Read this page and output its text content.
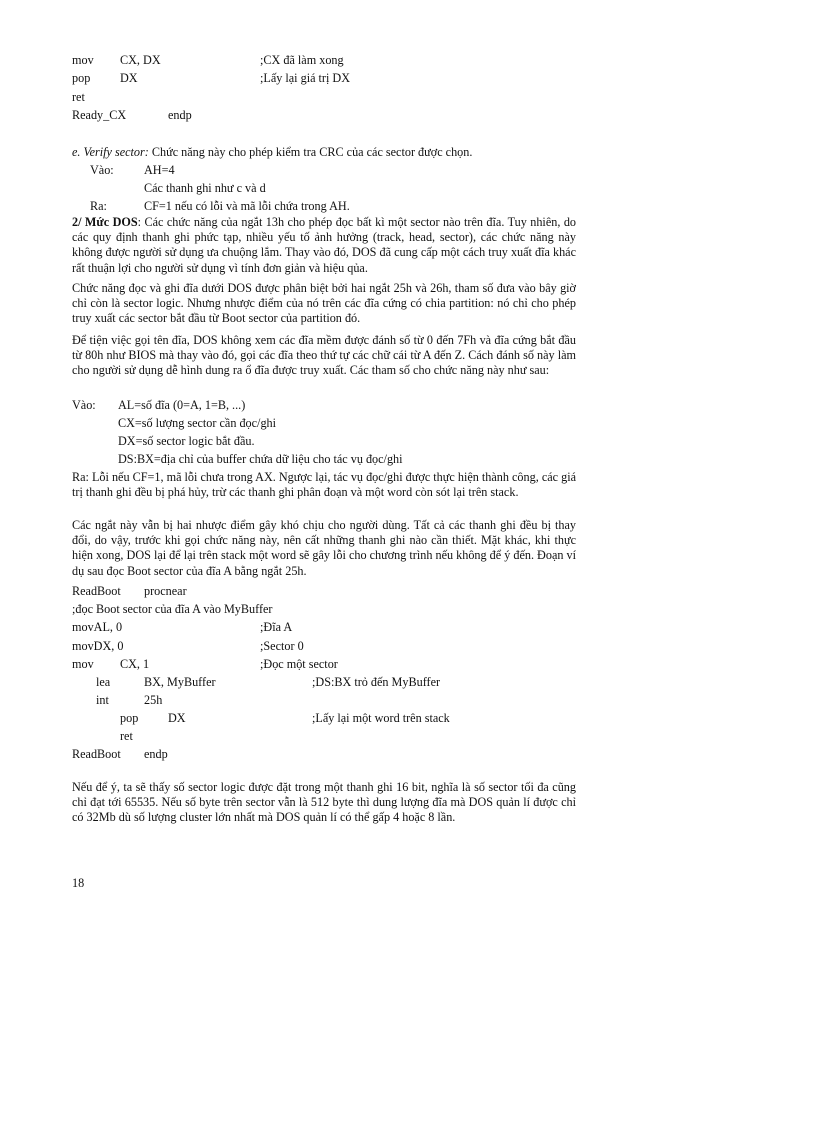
mov CX, DX	;CX đã làm xong
pop DX	;Lấy lại giá trị DX
ret
Ready_CX	endp
e. Verify sector: Chức năng này cho phép kiểm tra CRC của các sector được chọn.
Vào: AH=4
Các thanh ghi như c và d
Ra:	CF=1 nếu có lỗi và mã lỗi chứa trong AH.
2/ Mức DOS: Các chức năng của ngắt 13h cho phép đọc bất kì một sector nào trên đĩa. Tuy nhiên, do các quy định thanh ghi phức tạp, nhiều yếu tố ảnh hưởng (track, head, sector), các chức năng này không được người sử dụng ưa chuộng lắm. Thay vào đó, DOS đã cung cấp một cách truy xuất đĩa khác rất thuận lợi cho người sử dụng vì tính đơn giản và hiệu qủa.
Chức năng đọc và ghi đĩa dưới DOS được phân biệt bởi hai ngắt 25h và 26h, tham số đưa vào bây giờ chỉ còn là sector logic. Nhưng nhược điểm của nó trên các đĩa cứng có chia partition: nó chỉ cho phép truy xuất các sector bắt đầu từ Boot sector của partition đó.
Để tiện việc gọi tên đĩa, DOS không xem các đĩa mềm được đánh số từ 0 đến 7Fh và đĩa cứng bắt đầu từ 80h như BIOS mà thay vào đó, gọi các đĩa theo thứ tự các chữ cái từ A đến Z. Cách đánh số này làm cho người sử dụng dễ hình dung ra ổ đĩa được truy xuất. Các tham số cho chức năng này như sau:
Vào: AL=số đĩa (0=A, 1=B, ...)
CX=số lượng sector cần đọc/ghi
DX=số sector logic bắt đầu.
DS:BX=địa chỉ của buffer chứa dữ liệu cho tác vụ đọc/ghi
Ra: Lỗi nếu CF=1, mã lỗi chưa trong AX. Ngược lại, tác vụ đọc/ghi được thực hiện thành công, các giá trị thanh ghi đều bị phá hủy, trừ các thanh ghi phân đoạn và một word còn sót lại trên stack.
Các ngắt này vẫn bị hai nhược điểm gây khó chịu cho người dùng. Tất cả các thanh ghi đều bị thay đổi, do vậy, trước khi gọi chức năng này, nên cất những thanh ghi nào cần thiết. Mặt khác, khi thực hiện xong, DOS lại để lại trên stack một word sẽ gây lỗi cho chương trình nếu không để ý đến. Đoạn ví dụ sau đọc Boot sector của đĩa A bằng ngắt 25h.
ReadBoot procnear
;đọc Boot sector của đĩa A vào MyBuffer
movAL, 0	;Đĩa A
movDX, 0	;Sector 0
mov CX, 1	;Đọc một sector
lea	BX, MyBuffer	;DS:BX trỏ đến MyBuffer
int	25h
pop DX	;Lấy lại một word trên stack
ret
ReadBoot endp
Nếu để ý, ta sẽ thấy số sector logic được đặt trong một thanh ghi 16 bit, nghĩa là số sector tối đa cũng chỉ đạt tới 65535. Nếu số byte trên sector vẫn là 512 byte thì dung lượng đĩa mà DOS quản lí được chỉ có 32Mb dù số lượng cluster lớn nhất mà DOS quản lí có thể gấp 4 hoặc 8 lần.
18
